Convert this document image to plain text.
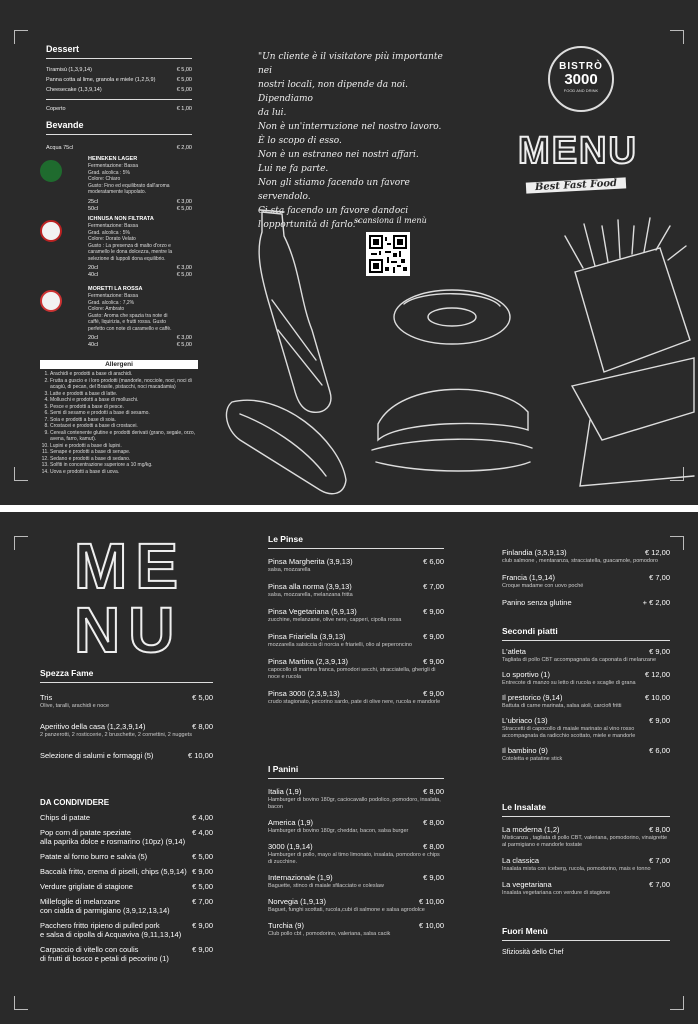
Dessert
Tiramisù (1,3,9,14)	€ 5,00
Panna cotta al lime, granola e miele (1,2,5,9)	€ 5,00
Cheesecake (1,3,9,14)	€ 5,00
Coperto	€ 1,00
Bevande
Acqua 75cl	€ 2,00
HEINEKEN LAGER
Fermentazione: Bassa
Grad. alcolica : 5%
Colore: Chiaro
Gusto: Fino ed equilibrato dall'aroma
moderatamente luppolato.
25cl	€ 3,00
50cl	€ 5,00
ICHNUSA NON FILTRATA
Fermentazione: Bassa
Grad. alcolica : 5%
Colore: Dorato Velato
Gusto : La presenza di malto d'orzo e
caramello le dona dolcezza, mentre la
selezione di luppoli dona equilibrio.
20cl	€ 3,00
40cl	€ 5,00
MORETTI LA ROSSA
Fermentazione: Bassa
Grad. alcolica : 7,2%
Colore: Ambrato
Gusto: Aroma che spazia tra note di
caffè, liquirizia, e frutti rossa. Gusto
perfetto con note di caramello e caffè.
20cl	€ 3,00
40cl	€ 5,00
Allergeni
1. Arachidi e prodotti a base di arachidi.
2. Frutta a guscio e i loro prodotti (mandorle, nocciole, noci, noci di acagiù, di pecan, del Brasile, pistacchi, noci macadamia)
3. Latte e prodotti a base di latte.
4. Molluschi e prodotti a base di molluschi.
5. Pesce e prodotti a base di pesce.
6. Semi di sesamo e prodotti a base di sesamo.
7. Soia e prodotti a base di soia.
8. Crostacei e prodotti a base di crostacei.
9. Cereali contenente glutine e prodotti derivati (grano, segale, orzo, avena, farro, kamut).
10. Lupini e prodotti a base di lupini.
11. Senape e prodotti a base di senape.
12. Sedano e prodotti a base di sedano.
13. Solfiti in concentrazione superiore a 10 mg/kg.
14. Uova e prodotti a base di uova.
"Un cliente è il visitatore più importante nei
nostri locali, non dipende da noi. Dipendiamo
da lui.
Non è un'interruzione nel nostro lavoro.
È lo scopo di esso.
Non è un estraneo nei nostri affari.
Lui ne fa parte.
Non gli stiamo facendo un favore servendolo.
Ci sta facendo un favore dandoci
l'opportunità di farlo."
scansiona il menù
BISTRÒ
3000
FOOD AND DRINK
MENU
Best Fast Food
ME
NU
Spezza Fame
Tris	€ 5,00
Olive, taralli, arachidi e noce
Aperitivo della casa (1,2,3,9,14)	€ 8,00
2 panzerotti, 2 rosticcerie, 2 bruschette, 2 cornettini, 2 nuggets
Selezione di salumi e formaggi (5)	€ 10,00
DA CONDIVIDERE
Chips di patate	€ 4,00
Pop corn di patate speziate	€ 4,00
alla paprika dolce e rosmarino (10pz) (9,14)
Patate al forno burro e salvia (5)	€ 5,00
Baccalà fritto, crema di piselli, chips (5,9,14) € 9,00
Verdure grigliate di stagione	€ 5,00
Millefoglie di melanzane	€ 7,00
con cialda di parmigiano (3,9,12,13,14)
Pacchero fritto ripieno di pulled pork	€ 9,00
e salsa di cipolla di Acquaviva (9,11,13,14)
Carpaccio di vitello con coulis	€ 9,00
di frutti di bosco e petali di pecorino (1)
Le Pinse
Pinsa Margherita (3,9,13)	€ 6,00
salsa, mozzarella
Pinsa alla norma (3,9,13)	€ 7,00
salsa, mozzarella, melanzana fritta
Pinsa Vegetariana (5,9,13)	€ 9,00
zucchine, melanzane, olive nere, capperi, cipolla rossa
Pinsa Friariella (3,9,13)	€ 9,00
mozzarella salsiccia di norcia e friarielli, olio al peperoncino
Pinsa Martina (2,3,9,13)	€ 9,00
capocollo di martina franca, pomodori secchi, stracciatella, gherigli di noce e rucola
Pinsa 3000 (2,3,9,13)	€ 9,00
crudo stagionato, pecorino sardo, pate di olive nere, rucola e mandorle
I Panini
Italia (1,9)	€ 8,00
Hamburger di bovino 180gr, caciocavallo podolico, pomodoro, insalata, bacon
America (1,9)	€ 8,00
Hamburger di bovino 180gr, cheddar, bacon, salsa burger
3000 (1,9,14)	€ 8,00
Hamburger di pollo, mayo al timo limonato, insalata, pomodoro e chips di zucchine.
Internazionale (1,9)	€ 9,00
Baguette, stinco di maiale sfilacciato e coleslaw
Norvegia (1,9,13)	€ 10,00
Baguet, funghi scottati, rucola,cubi di salmone e salsa agrodolce
Turchia (9)	€ 10,00
Club pollo cbt , pomodorino, valeriana, salsa cacik
Finlandia (3,5,9,13)	€ 12,00
club salmone , mentaranza, stracciatella, guacamole, pomodoro
Francia (1,9,14)	€ 7,00
Croque madame con uovo poché
Panino senza glutine	+ € 2,00
Secondi piatti
L'atleta	€ 9,00
Tagliata di pollo CBT accompagnata da caponata di melanzane
Lo sportivo (1)	€ 12,00
Entrecote di manzo su letto di rucola e scaglie di grana
Il prestorico (9,14)	€ 10,00
Battuta di carne marinata, salsa aioli, carciofi fritti
L'ubriaco (13)	€ 9,00
Straccetti di capocollo di maiale marinato al vino rosso accompagnata da radicchio scottato, miele e mandorle
Il bambino (9)	€ 6,00
Cotoletta e patatine stick
Le Insalate
La moderna (1,2)	€ 8,00
Misticanza , tagliata di pollo CBT, valeriana, pomodorino, vinaigrette al parmigiano e mandorle tostate
La classica	€ 7,00
Insalata mista con iceberg, rucola, pomodorino, mais e tonno
La vegetariana	€ 7,00
Insalata vegetariana con verdure di stagione
Fuori Menù
Sfiziosità dello Chef
